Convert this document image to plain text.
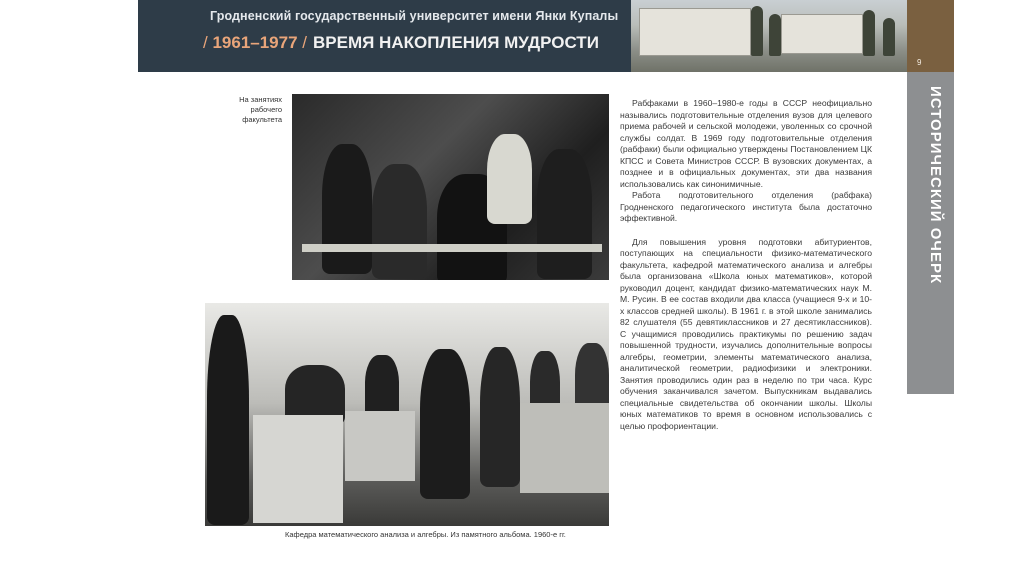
Гродненский государственный университет имени Янки Купалы
/ 1961–1977 / ВРЕМЯ НАКОПЛЕНИЯ МУДРОСТИ
9
ИСТОРИЧЕСКИЙ ОЧЕРК
На занятиях рабочего факультета
Кафедра математического анализа и алгебры. Из памятного альбома. 1960-е гг.

Рабфаками в 1960–1980-е годы в СССР неофициально назывались подготовительные отделения вузов для целевого приема рабочей и сельской молодежи, уволенных со срочной службы солдат. В 1969 году подготовительные отделения (рабфаки) были официально утверждены Постановлением ЦК КПСС и Совета Министров СССР. В вузовских документах, а позднее и в официальных документах, эти два названия использовались как синонимичные.

Работа подготовительного отделения (рабфака) Гродненского педагогического института была достаточно эффективной.

Для повышения уровня подготовки абитуриентов, поступающих на специальности физико-математического факультета, кафедрой математического анализа и алгебры была организована «Школа юных математиков», которой руководил доцент, кандидат физико-математических наук М. М. Русин. В ее состав входили два класса (учащиеся 9-х и 10-х классов средней школы). В 1961 г. в этой школе занимались 82 слушателя (55 девятиклассников и 27 десятиклассников). С учащимися проводились практикумы по решению задач повышенной трудности, изучались дополнительные вопросы алгебры, геометрии, элементы математического анализа, аналитической геометрии, радиофизики и электроники. Занятия проводились один раз в неделю по три часа. Курс обучения заканчивался зачетом. Выпускникам выдавались специальные свидетельства об окончании школы. Школы юных математиков то время в основном использовались с целью профориентации.
